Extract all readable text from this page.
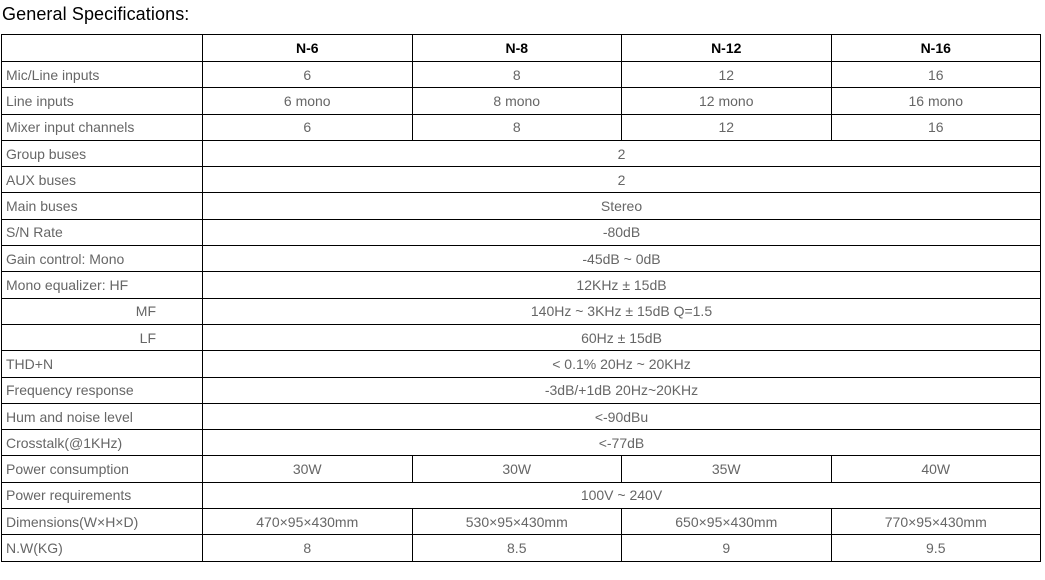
General Specifications:
	N-6	N-8	N-12	N-16
Mic/Line inputs	6	8	12	16
Line inputs	6 mono	8 mono	12 mono	16 mono
Mixer input channels	6	8	12	16
Group buses	2			
AUX buses	2			
Main buses	Stereo			
S/N Rate	-80dB			
Gain control: Mono	-45dB ~ 0dB			
Mono equalizer: HF	12KHz ± 15dB			
MF	140Hz ~ 3KHz ± 15dB Q=1.5			
LF	60Hz ± 15dB			
THD+N	< 0.1% 20Hz ~ 20KHz			
Frequency response	-3dB/+1dB 20Hz~20KHz			
Hum and noise level	<-90dBu			
Crosstalk(@1KHz)	<-77dB			
Power consumption	30W	30W	35W	40W
Power requirements	100V ~ 240V			
Dimensions(W×H×D)	470×95×430mm	530×95×430mm	650×95×430mm	770×95×430mm
N.W(KG)	8	8.5	9	9.5
